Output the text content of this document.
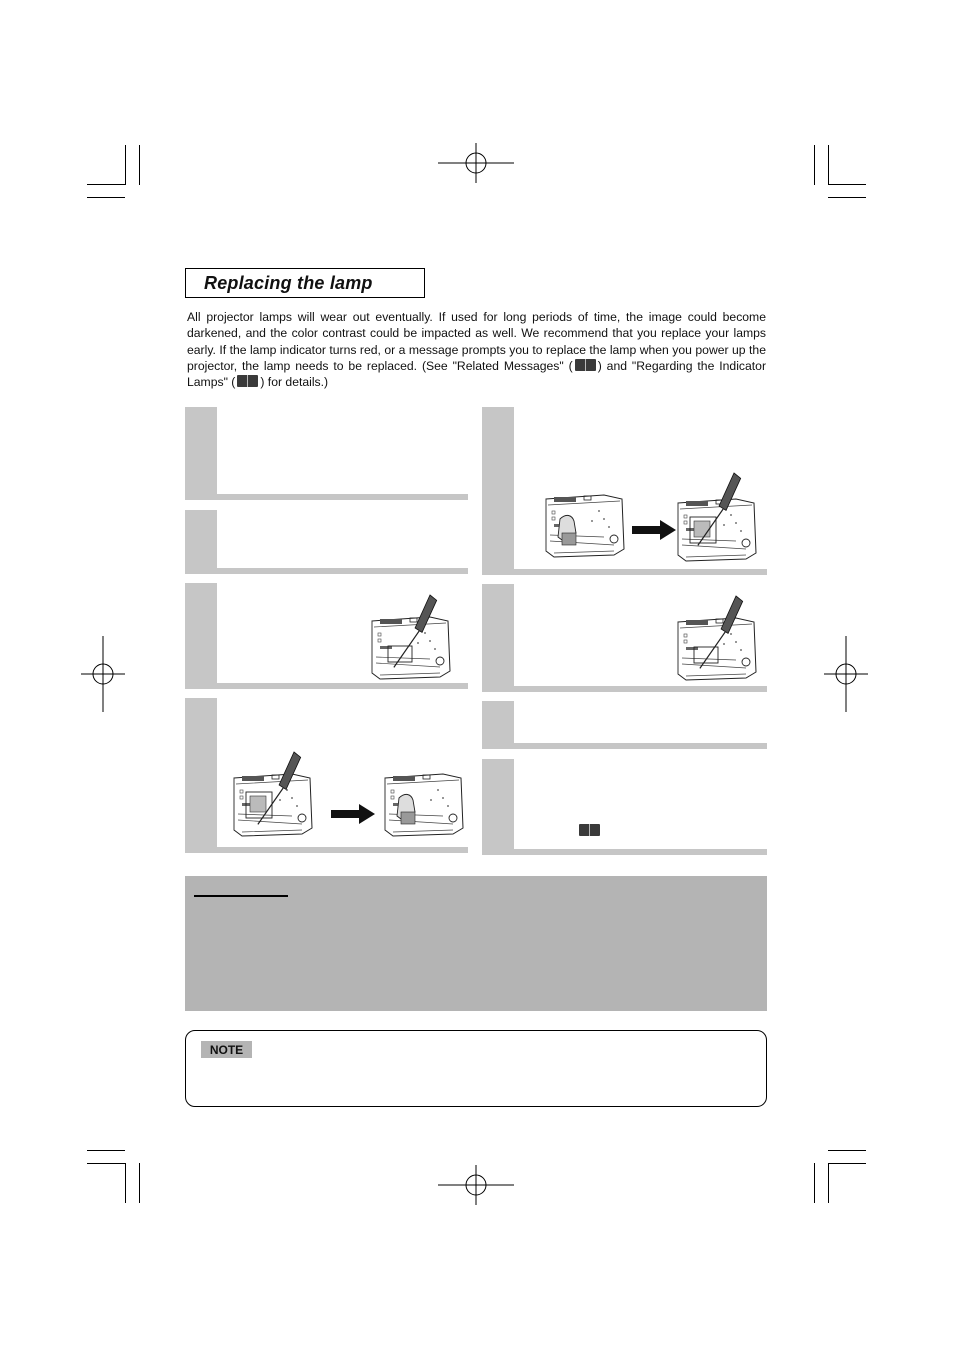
Replacing the lamp
All projector lamps will wear out eventually. If used for long periods of time, the image could become darkened, and the color contrast could be impacted as well. We recommend that you replace your lamps early. If the lamp indicator turns red, or a message prompts you to replace the lamp when you power up the projector, the lamp needs to be replaced. (See "Related Messages" ( ) and "Regarding the Indicator Lamps" ( ) for details.)
NOTE
